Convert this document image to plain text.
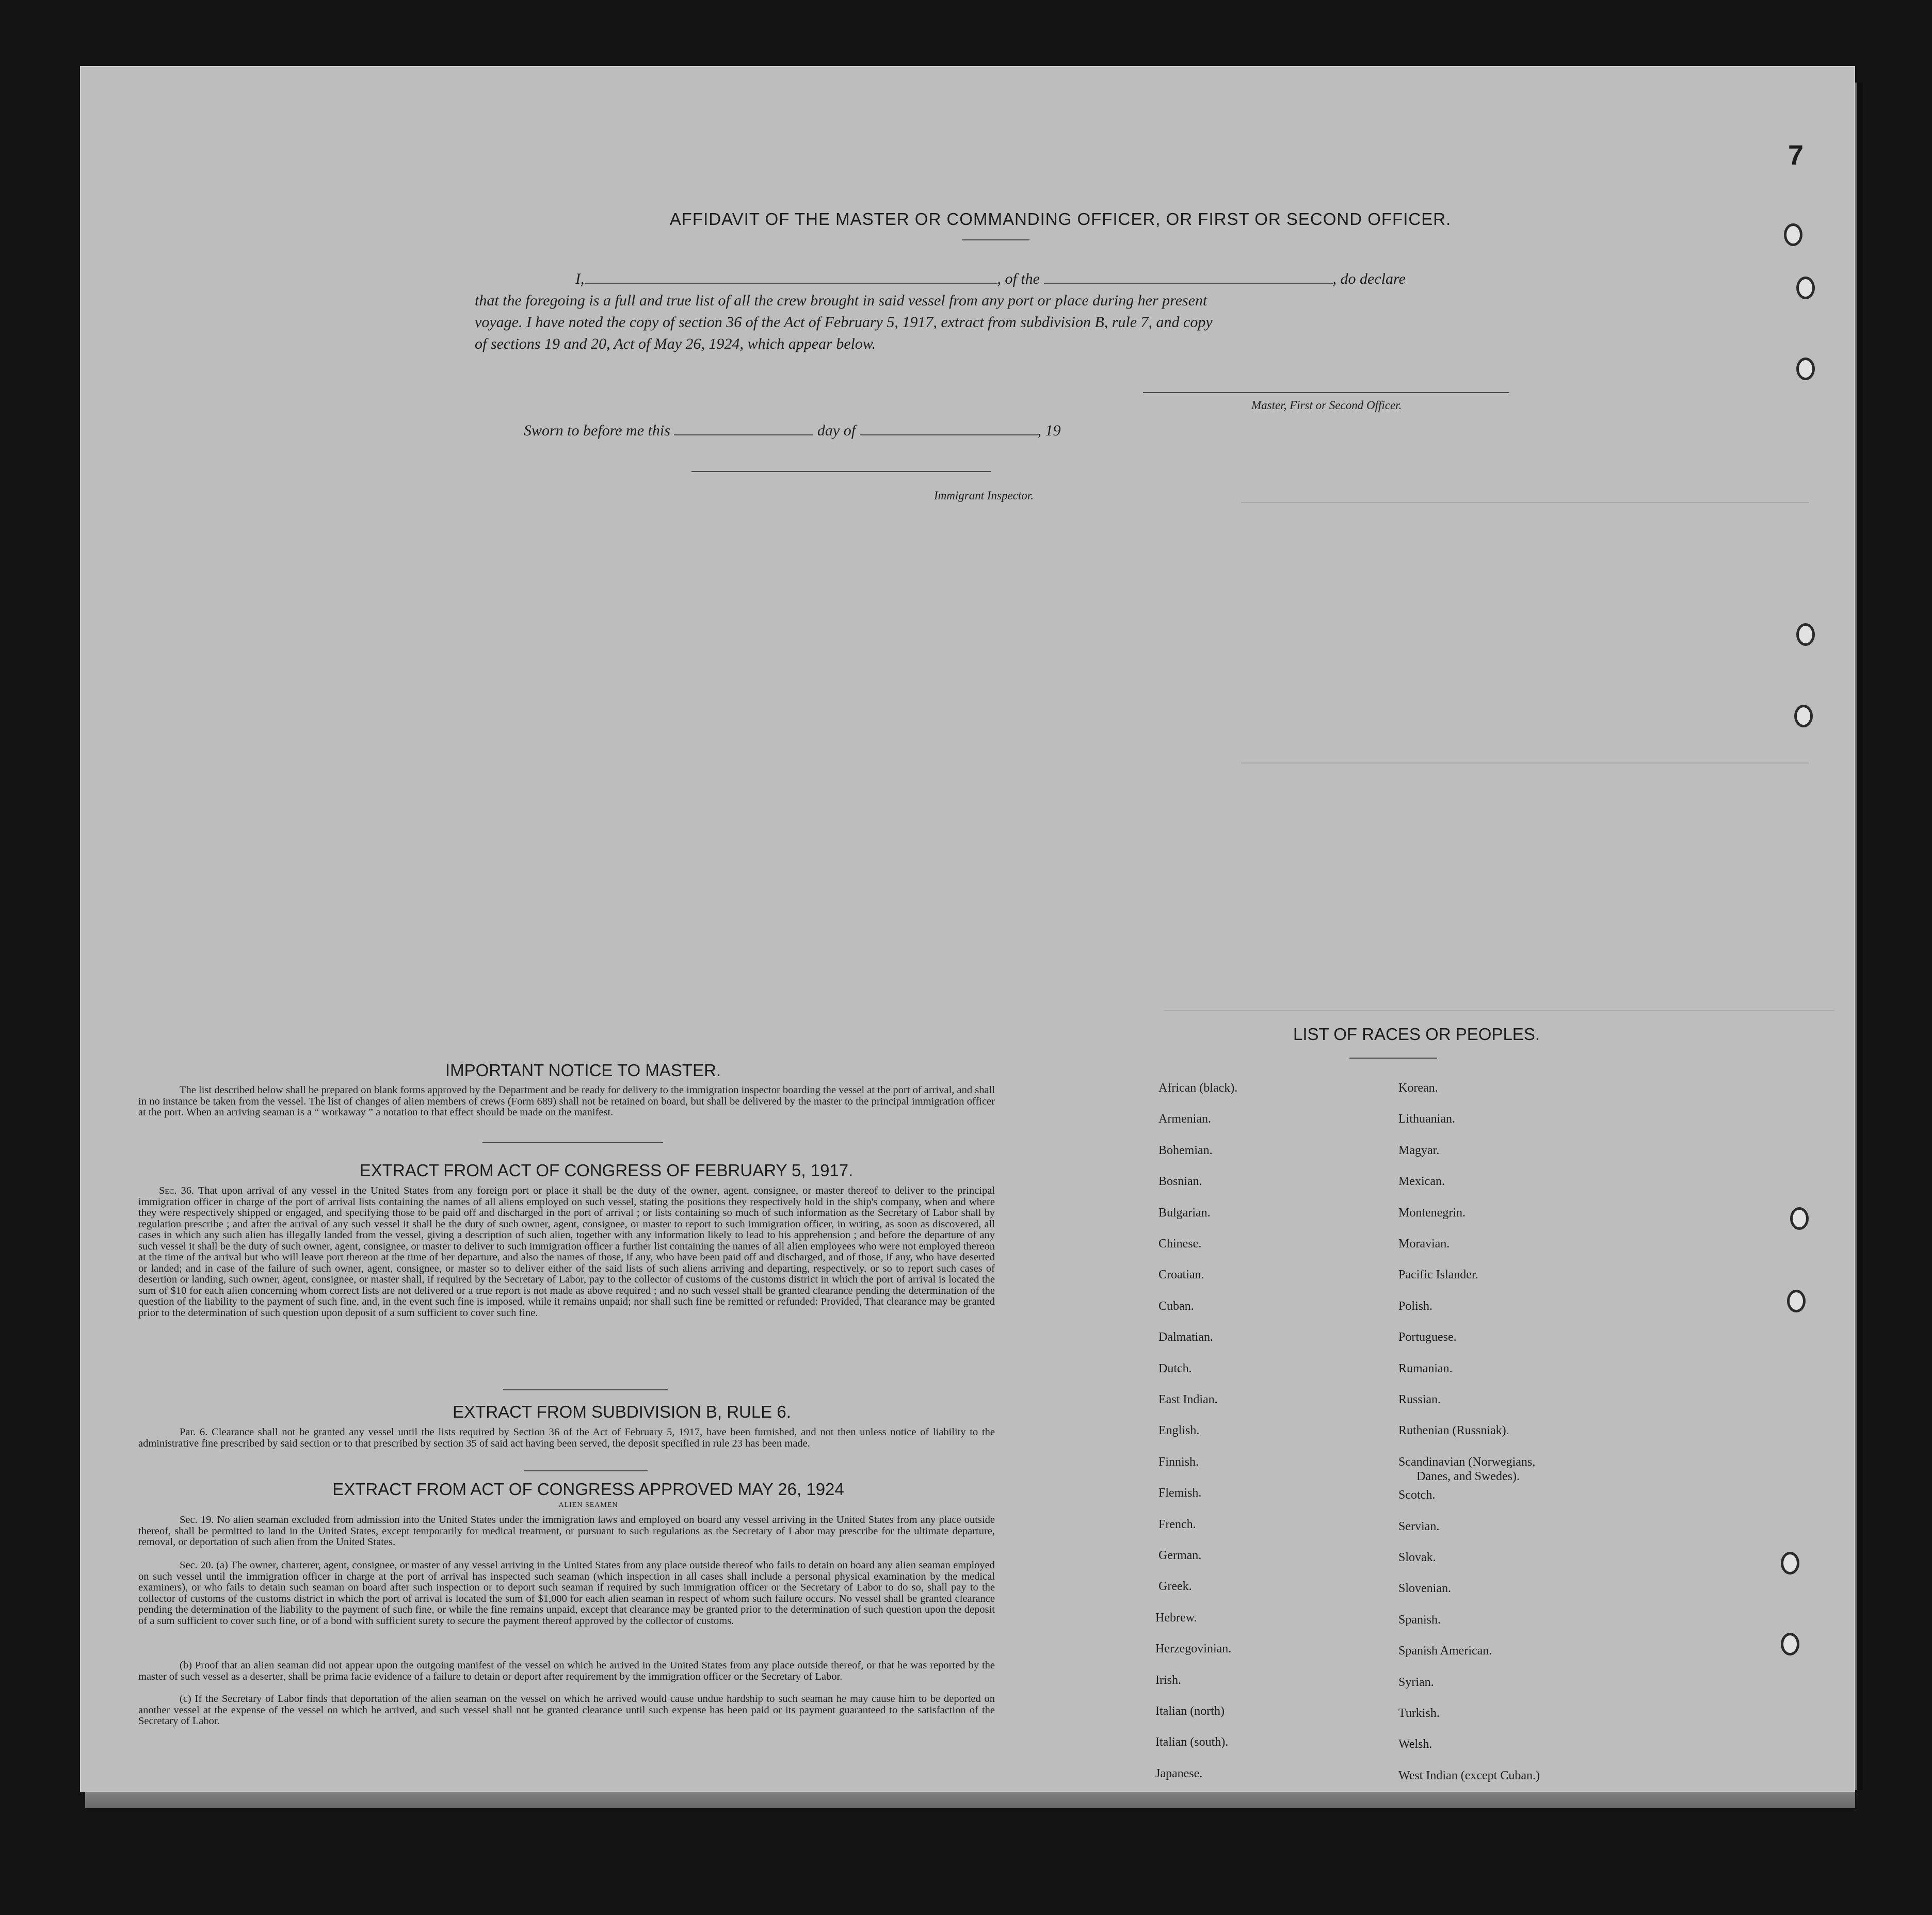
AFFIDAVIT OF THE MASTER OR COMMANDING OFFICER, OR FIRST OR SECOND OFFICER.
I,	, of the	, do declare
that the foregoing is a full and true list of all the crew brought in said vessel from any port or place during her present
voyage. I have noted the copy of section 36 of the Act of February 5, 1917, extract from subdivision B, rule 7, and copy
of sections 19 and 20, Act of May 26, 1924, which appear below.
Master, First or Second Officer.
Sworn to before me this	day of	, 19
Immigrant Inspector.
7
IMPORTANT NOTICE TO MASTER.
The list described below shall be prepared on blank forms approved by the Department and be ready for delivery to the immigration inspector boarding the vessel at the port of arrival, and shall in no instance be taken from the vessel. The list of changes of alien members of crews (Form 689) shall not be retained on board, but shall be delivered by the master to the principal immigration officer at the port. When an arriving seaman is a “ workaway ” a notation to that effect should be made on the manifest.
EXTRACT FROM ACT OF CONGRESS OF FEBRUARY 5, 1917.
Sec. 36. That upon arrival of any vessel in the United States from any foreign port or place it shall be the duty of the owner, agent, consignee, or master thereof to deliver to the principal immigration officer in charge of the port of arrival lists containing the names of all aliens employed on such vessel, stating the positions they respectively hold in the ship's company, when and where they were respectively shipped or engaged, and specifying those to be paid off and discharged in the port of arrival ; or lists containing so much of such information as the Secretary of Labor shall by regulation prescribe ; and after the arrival of any such vessel it shall be the duty of such owner, agent, consignee, or master to report to such immigration officer, in writing, as soon as discovered, all cases in which any such alien has illegally landed from the vessel, giving a description of such alien, together with any information likely to lead to his apprehension ; and before the departure of any such vessel it shall be the duty of such owner, agent, consignee, or master to deliver to such immigration officer a further list containing the names of all alien employees who were not employed thereon at the time of the arrival but who will leave port thereon at the time of her departure, and also the names of those, if any, who have been paid off and discharged, and of those, if any, who have deserted or landed; and in case of the failure of such owner, agent, consignee, or master so to deliver either of the said lists of such aliens arriving and departing, respectively, or so to report such cases of desertion or landing, such owner, agent, consignee, or master shall, if required by the Secretary of Labor, pay to the collector of customs of the customs district in which the port of arrival is located the sum of $10 for each alien concerning whom correct lists are not delivered or a true report is not made as above required ; and no such vessel shall be granted clearance pending the determination of the question of the liability to the payment of such fine, and, in the event such fine is imposed, while it remains unpaid; nor shall such fine be remitted or refunded: Provided, That clearance may be granted prior to the determination of such question upon deposit of a sum sufficient to cover such fine.
EXTRACT FROM SUBDIVISION B, RULE 6.
Par. 6. Clearance shall not be granted any vessel until the lists required by Section 36 of the Act of February 5, 1917, have been furnished, and not then unless notice of liability to the administrative fine prescribed by said section or to that prescribed by section 35 of said act having been served, the deposit specified in rule 23 has been made.
EXTRACT FROM ACT OF CONGRESS APPROVED MAY 26, 1924
ALIEN SEAMEN
Sec. 19. No alien seaman excluded from admission into the United States under the immigration laws and employed on board any vessel arriving in the United States from any place outside thereof, shall be permitted to land in the United States, except temporarily for medical treatment, or pursuant to such regulations as the Secretary of Labor may prescribe for the ultimate departure, removal, or deportation of such alien from the United States.
Sec. 20. (a) The owner, charterer, agent, consignee, or master of any vessel arriving in the United States from any place outside thereof who fails to detain on board any alien seaman employed on such vessel until the immigration officer in charge at the port of arrival has inspected such seaman (which inspection in all cases shall include a personal physical examination by the medical examiners), or who fails to detain such seaman on board after such inspection or to deport such seaman if required by such immigration officer or the Secretary of Labor to do so, shall pay to the collector of customs of the customs district in which the port of arrival is located the sum of $1,000 for each alien seaman in respect of whom such failure occurs. No vessel shall be granted clearance pending the determination of the liability to the payment of such fine, or while the fine remains unpaid, except that clearance may be granted prior to the determination of such question upon the deposit of a sum sufficient to cover such fine, or of a bond with sufficient surety to secure the payment thereof approved by the collector of customs.
(b) Proof that an alien seaman did not appear upon the outgoing manifest of the vessel on which he arrived in the United States from any place outside thereof, or that he was reported by the master of such vessel as a deserter, shall be prima facie evidence of a failure to detain or deport after requirement by the immigration officer or the Secretary of Labor.
(c) If the Secretary of Labor finds that deportation of the alien seaman on the vessel on which he arrived would cause undue hardship to such seaman he may cause him to be deported on another vessel at the expense of the vessel on which he arrived, and such vessel shall not be granted clearance until such expense has been paid or its payment guaranteed to the satisfaction of the Secretary of Labor.
LIST OF RACES OR PEOPLES.
African (black).
Armenian.
Bohemian.
Bosnian.
Bulgarian.
Chinese.
Croatian.
Cuban.
Dalmatian.
Dutch.
East Indian.
English.
Finnish.
Flemish.
French.
German.
Greek.
Hebrew.
Herzegovinian.
Irish.
Italian (north)
Italian (south).
Japanese.
Korean.
Lithuanian.
Magyar.
Mexican.
Montenegrin.
Moravian.
Pacific Islander.
Polish.
Portuguese.
Rumanian.
Russian.
Ruthenian (Russniak).
Scandinavian (Norwegians,
Danes, and Swedes).
Scotch.
Servian.
Slovak.
Slovenian.
Spanish.
Spanish American.
Syrian.
Turkish.
Welsh.
West Indian (except Cuban.)
